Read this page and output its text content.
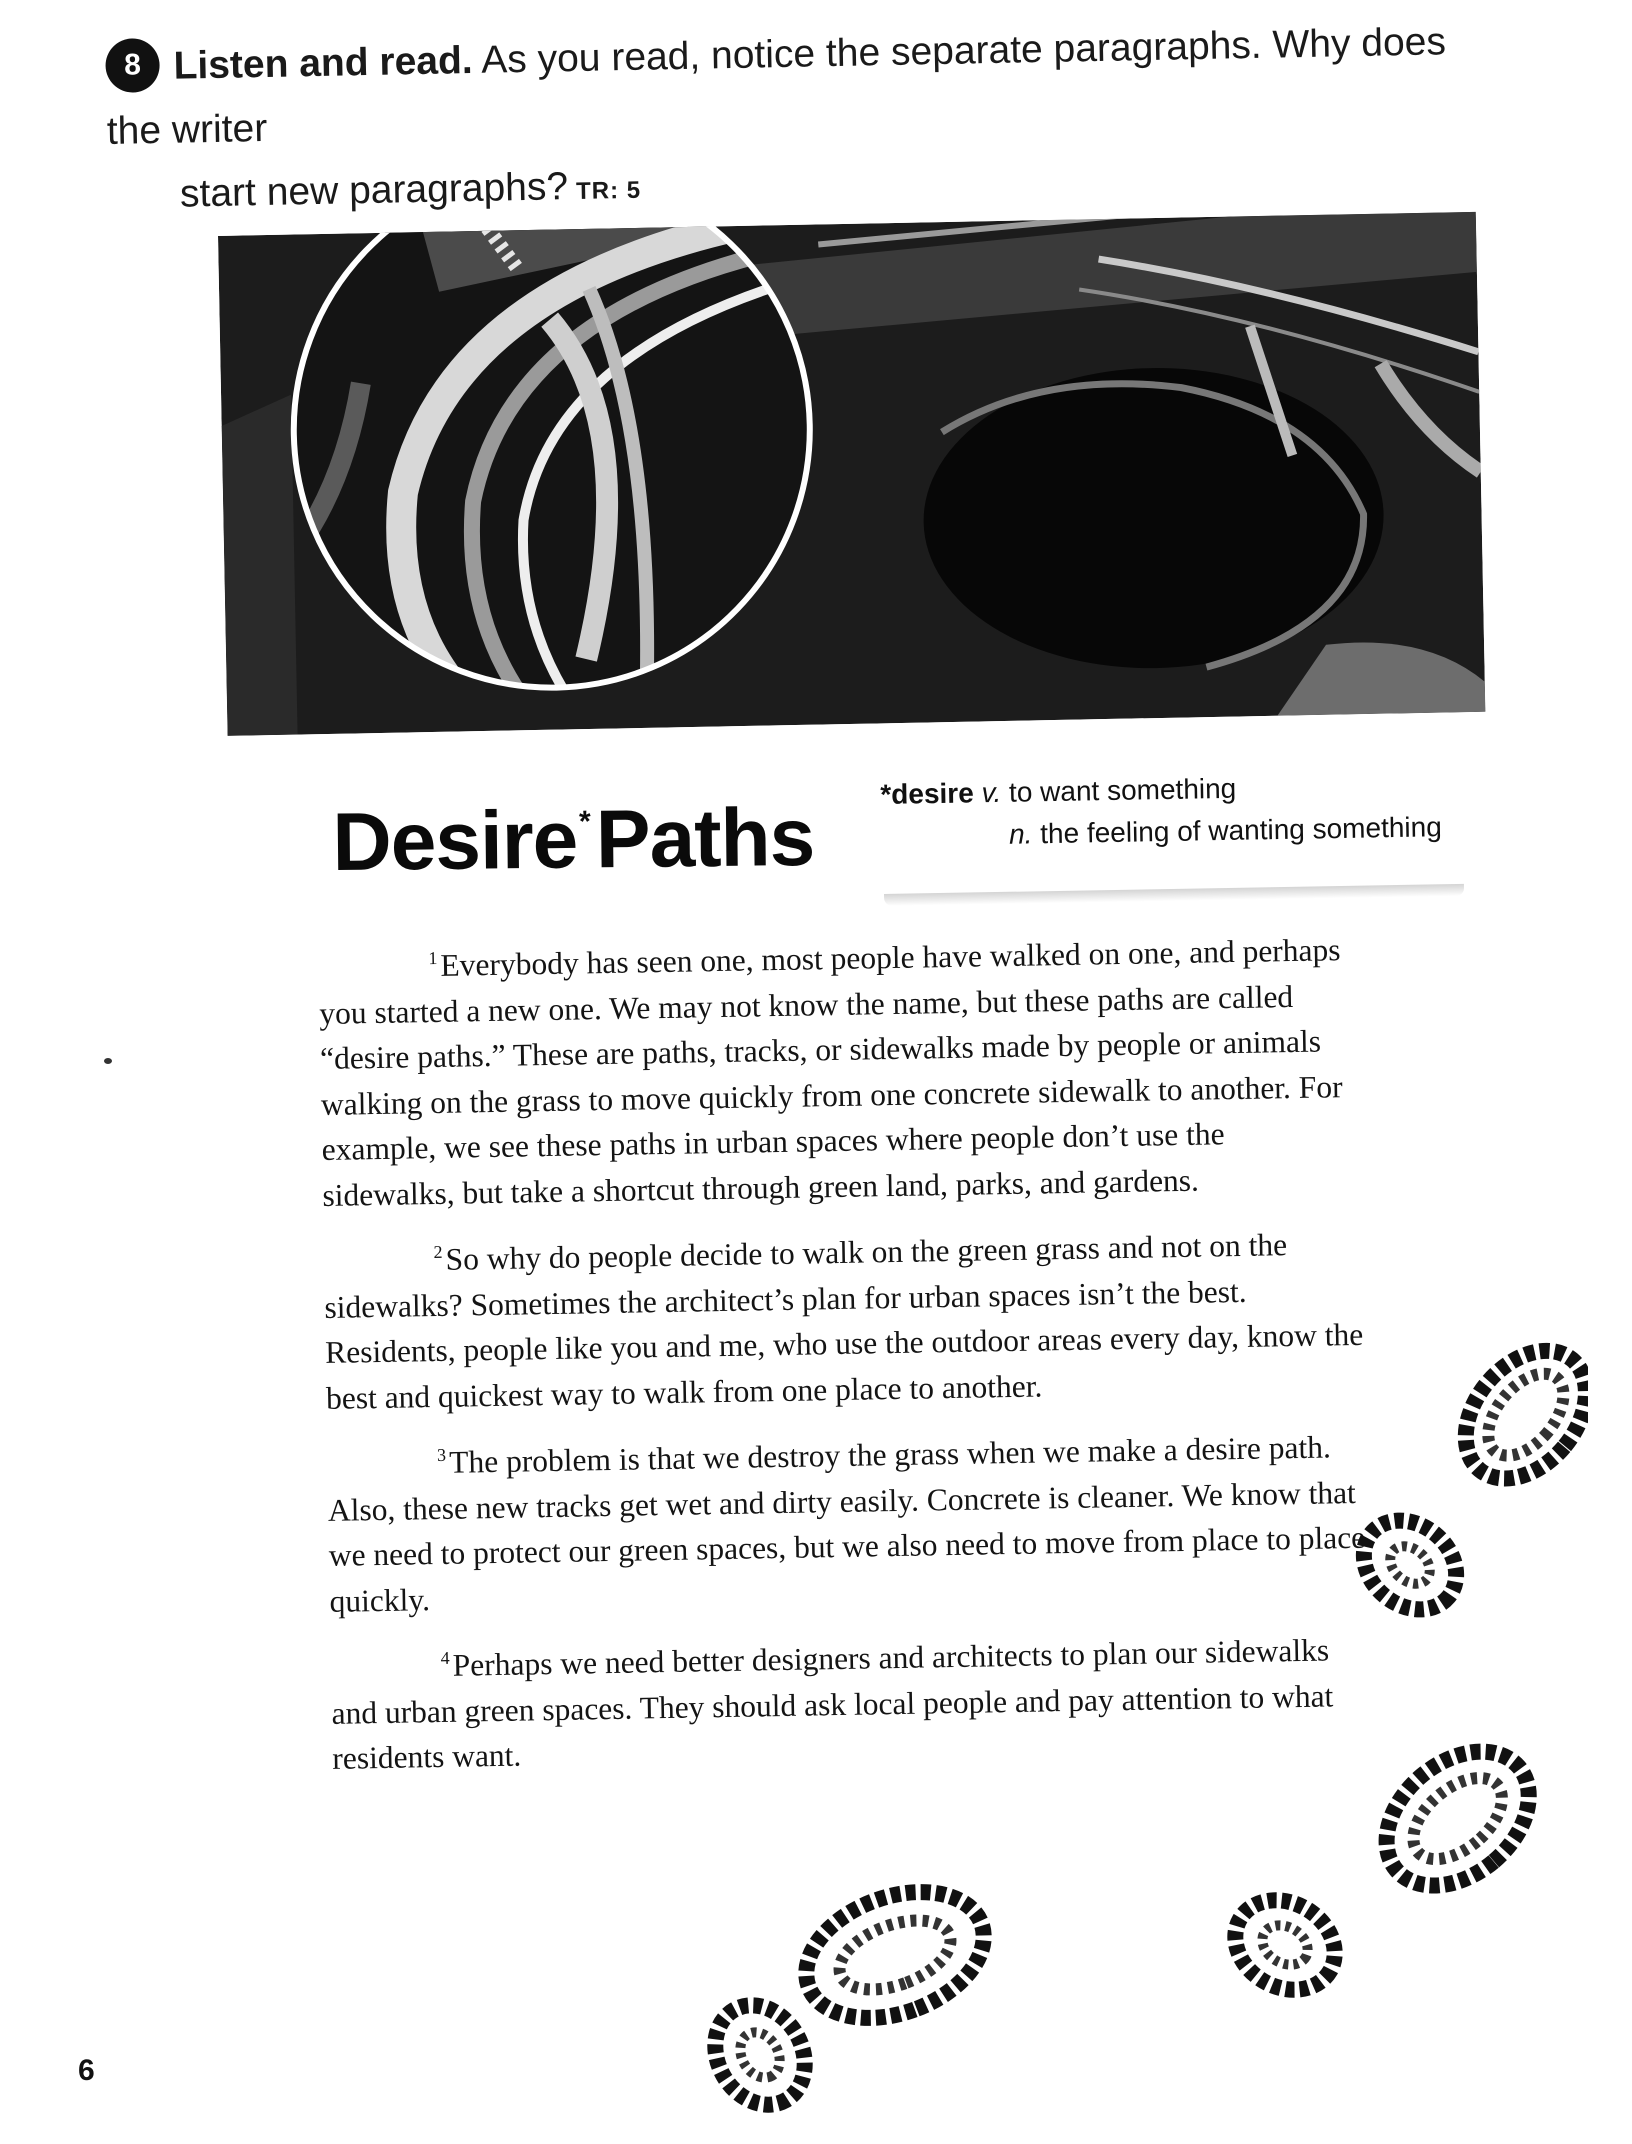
8 Listen and read. As you read, notice the separate paragraphs. Why does the writer
start new paragraphs? TR: 5
Desire*Paths *desire v. to want something
n. the feeling of wanting something

$^1$Everybody has seen one, most people have walked on one, and perhaps you started a new one. We may not know the name, but these paths are called “desire paths.” These are paths, tracks, or sidewalks made by people or animals walking on the grass to move quickly from one concrete sidewalk to another. For example, we see these paths in urban spaces where people don’t use the sidewalks, but take a shortcut through green land, parks, and gardens.

$^2$So why do people decide to walk on the green grass and not on the sidewalks? Sometimes the architect’s plan for urban spaces isn’t the best. Residents, people like you and me, who use the outdoor areas every day, know the best and quickest way to walk from one place to another.

$^3$The problem is that we destroy the grass when we make a desire path. Also, these new tracks get wet and dirty easily. Concrete is cleaner. We know that we need to protect our green spaces, but we also need to move from place to place quickly.

$^4$Perhaps we need better designers and architects to plan our sidewalks and urban green spaces. They should ask local people and pay attention to what residents want.

6
